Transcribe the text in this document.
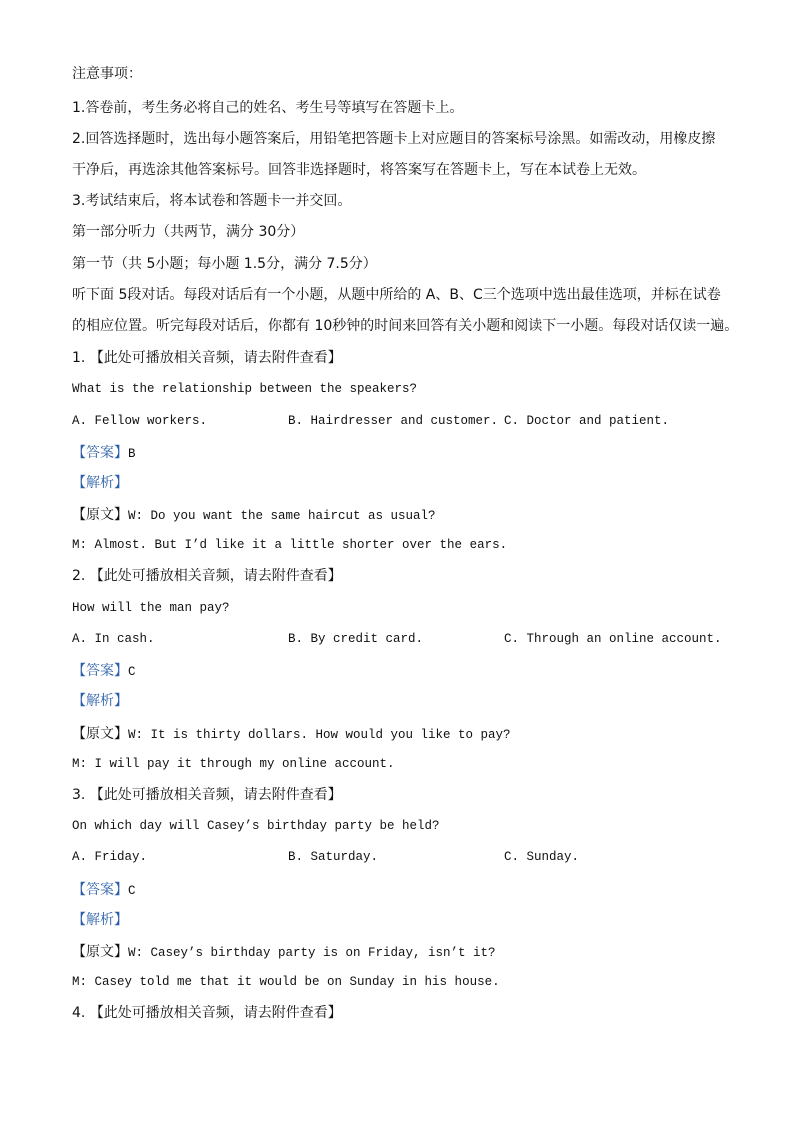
注意事项：
1.答卷前，考生务必将自己的姓名、考生号等填写在答题卡上。
2.回答选择题时，选出每小题答案后，用铅笔把答题卡上对应题目的答案标号涂黑。如需改动，用橡皮擦
干净后，再选涂其他答案标号。回答非选择题时，将答案写在答题卡上，写在本试卷上无效。
3.考试结束后，将本试卷和答题卡一并交回。
第一部分听力（共两节，满分 30分）
第一节（共 5小题；每小题 1.5分，满分 7.5分）
听下面 5段对话。每段对话后有一个小题，从题中所给的 A、B、C三个选项中选出最佳选项，并标在试卷
的相应位置。听完每段对话后，你都有 10秒钟的时间来回答有关小题和阅读下一小题。每段对话仅读一遍。
1. 【此处可播放相关音频，请去附件查看】
What is the relationship between the speakers?
A. Fellow workers.	B. Hairdresser and customer. C. Doctor and patient.
【答案】B
【解析】
【原文】W: Do you want the same haircut as usual?
M: Almost. But I’d like it a little shorter over the ears.
2. 【此处可播放相关音频，请去附件查看】
How will the man pay?
A. In cash.	B. By credit card.	C. Through an online account.
【答案】C
【解析】
【原文】W: It is thirty dollars. How would you like to pay?
M: I will pay it through my online account.
3. 【此处可播放相关音频，请去附件查看】
On which day will Casey’s birthday party be held?
A. Friday.	B. Saturday.	C. Sunday.
【答案】C
【解析】
【原文】W: Casey’s birthday party is on Friday, isn’t it?
M: Casey told me that it would be on Sunday in his house.
4. 【此处可播放相关音频，请去附件查看】
